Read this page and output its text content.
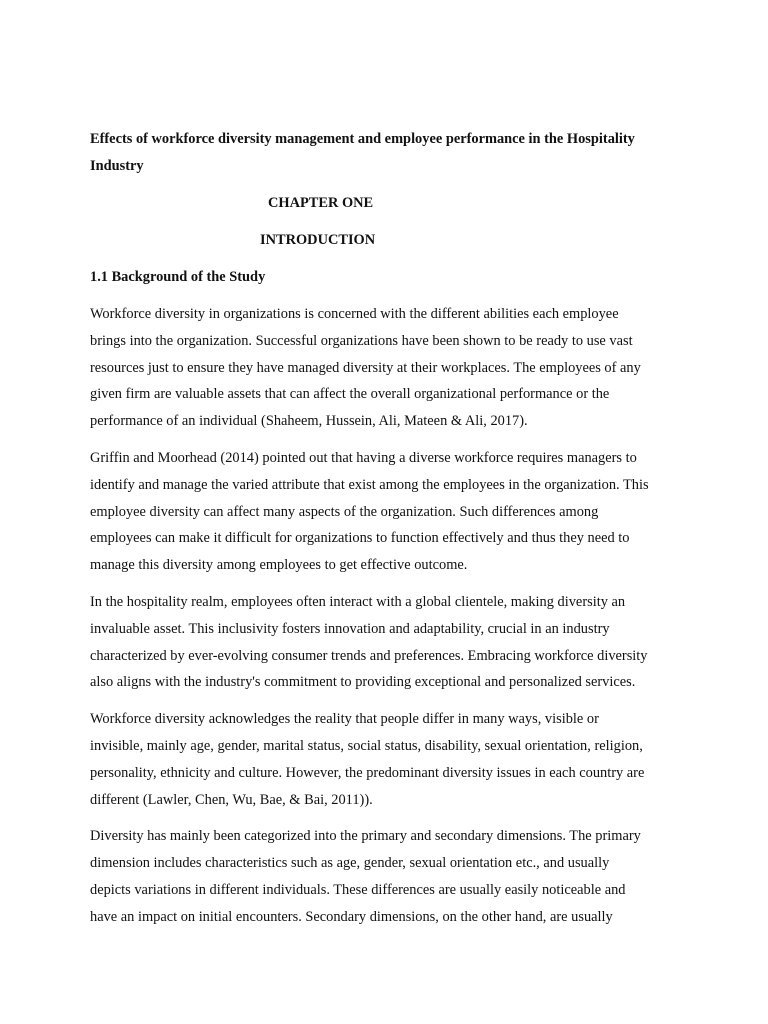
Effects of workforce diversity management and employee performance in the Hospitality
Industry
CHAPTER ONE
INTRODUCTION
1.1 Background of the Study
Workforce diversity in organizations is concerned with the different abilities each employee
brings into the organization. Successful organizations have been shown to be ready to use vast
resources just to ensure they have managed diversity at their workplaces. The employees of any
given firm are valuable assets that can affect the overall organizational performance or the
performance of an individual (Shaheem, Hussein, Ali, Mateen & Ali, 2017).
Griffin and Moorhead (2014) pointed out that having a diverse workforce requires managers to
identify and manage the varied attribute that exist among the employees in the organization. This
employee diversity can affect many aspects of the organization. Such differences among
employees can make it difficult for organizations to function effectively and thus they need to
manage this diversity among employees to get effective outcome.
In the hospitality realm, employees often interact with a global clientele, making diversity an
invaluable asset. This inclusivity fosters innovation and adaptability, crucial in an industry
characterized by ever-evolving consumer trends and preferences. Embracing workforce diversity
also aligns with the industry's commitment to providing exceptional and personalized services.
Workforce diversity acknowledges the reality that people differ in many ways, visible or
invisible, mainly age, gender, marital status, social status, disability, sexual orientation, religion,
personality, ethnicity and culture. However, the predominant diversity issues in each country are
different (Lawler, Chen, Wu, Bae, & Bai, 2011)).
Diversity has mainly been categorized into the primary and secondary dimensions. The primary
dimension includes characteristics such as age, gender, sexual orientation etc., and usually
depicts variations in different individuals. These differences are usually easily noticeable and
have an impact on initial encounters. Secondary dimensions, on the other hand, are usually
